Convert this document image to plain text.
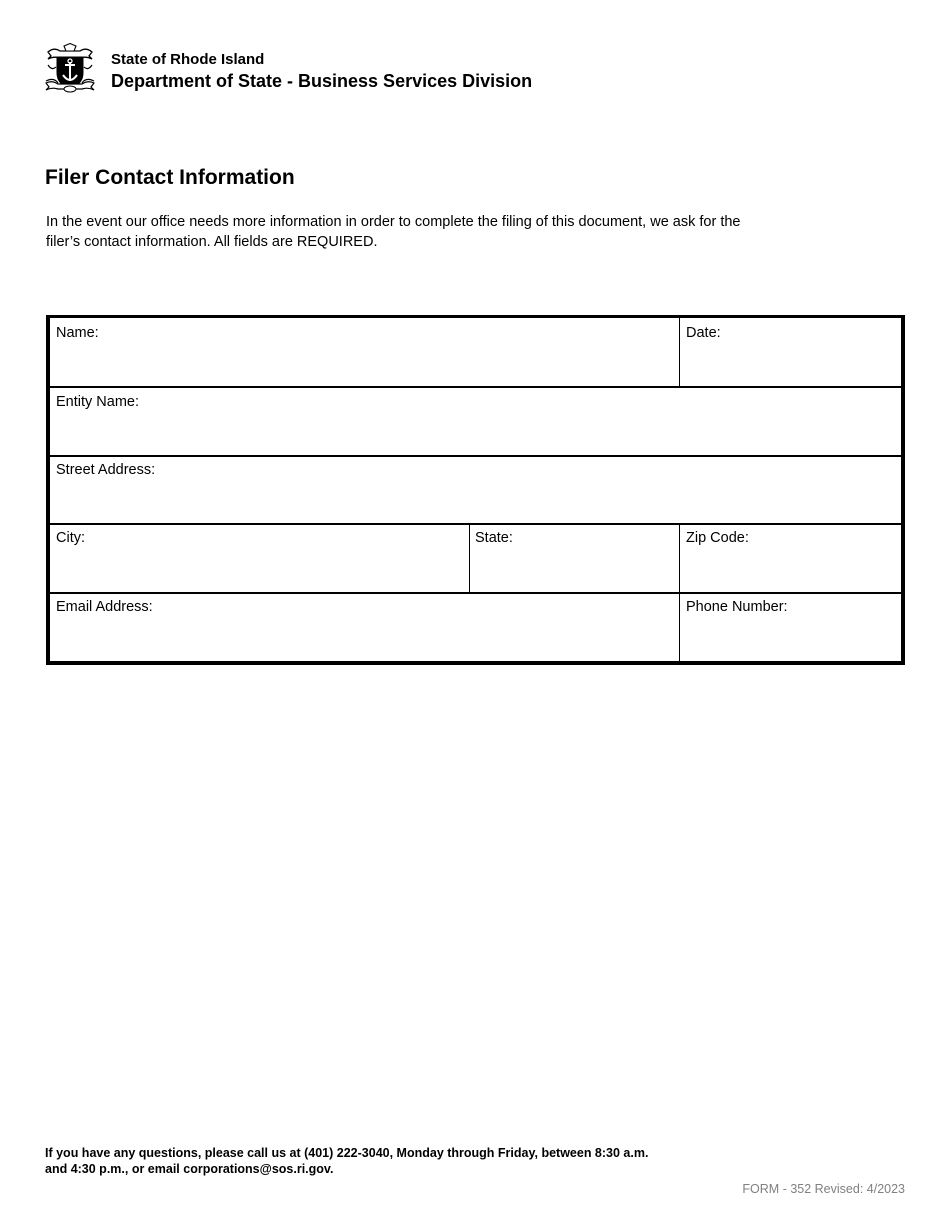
State of Rhode Island
Department of State - Business Services Division
Filer Contact Information
In the event our office needs more information in order to complete the filing of this document, we ask for the
filer’s contact information. All fields are REQUIRED.
Name:	Date:
Entity Name:
Street Address:
City:	State:	Zip Code:
Email Address:	Phone Number:
If you have any questions, please call us at (401) 222-3040, Monday through Friday, between 8:30 a.m.
and 4:30 p.m., or email corporations@sos.ri.gov.
FORM - 352 Revised: 4/2023
